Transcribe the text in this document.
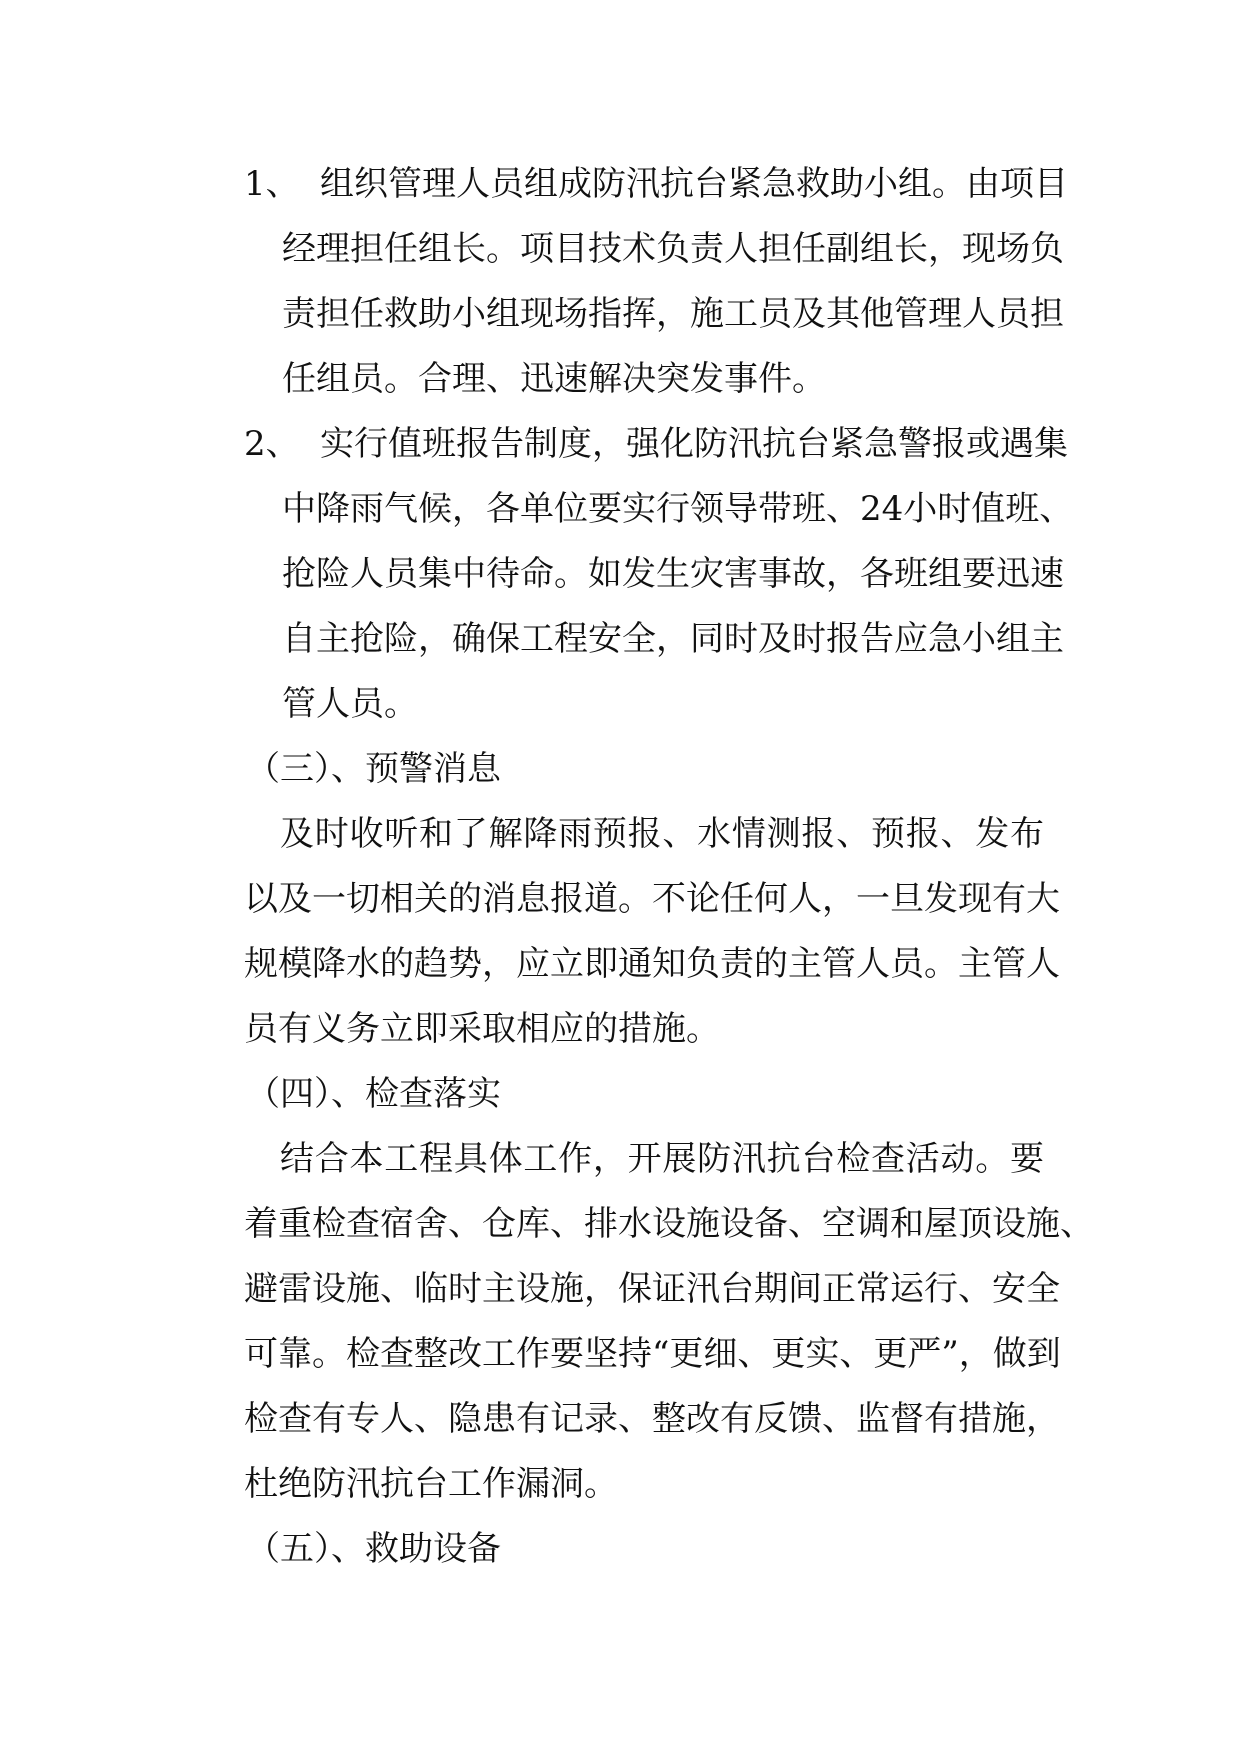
1、 组织管理人员组成防汛抗台紧急救助小组。由项目
经理担任组长。项目技术负责人担任副组长，现场负
责担任救助小组现场指挥，施工员及其他管理人员担
任组员。合理、迅速解决突发事件。
2、 实行值班报告制度，强化防汛抗台紧急警报或遇集
中降雨气候，各单位要实行领导带班、24小时值班、
抢险人员集中待命。如发生灾害事故，各班组要迅速
自主抢险，确保工程安全，同时及时报告应急小组主
管人员。
（三）、预警消息
及时收听和了解降雨预报、水情测报、预报、发布
以及一切相关的消息报道。不论任何人，一旦发现有大
规模降水的趋势，应立即通知负责的主管人员。主管人
员有义务立即采取相应的措施。
（四）、检查落实
结合本工程具体工作，开展防汛抗台检查活动。要
着重检查宿舍、仓库、排水设施设备、空调和屋顶设施、
避雷设施、临时主设施，保证汛台期间正常运行、安全
可靠。检查整改工作要坚持“更细、更实、更严”，做到
检查有专人、隐患有记录、整改有反馈、监督有措施，
杜绝防汛抗台工作漏洞。
（五）、救助设备
